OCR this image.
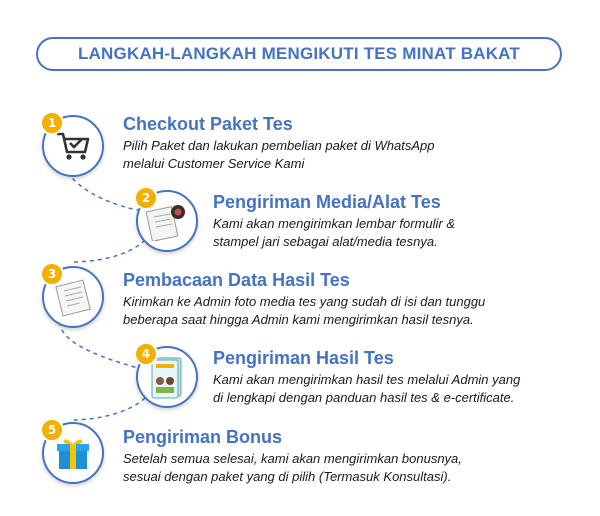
LANGKAH-LANGKAH MENGIKUTI TES MINAT BAKAT
1	Checkout Paket Tes
Pilih Paket dan lakukan pembelian paket di WhatsApp
melalui Customer Service Kami
2	Pengiriman Media/Alat Tes
Kami akan mengirimkan lembar formulir &
stampel jari sebagai alat/media tesnya.
3	Pembacaan Data Hasil Tes
Kirimkan ke Admin foto media tes yang sudah di isi dan tunggu
beberapa saat hingga Admin kami mengirimkan hasil tesnya.
4	Pengiriman Hasil Tes
Kami akan mengirimkan hasil tes melalui Admin yang
di lengkapi dengan panduan hasil tes & e-certificate.
5	Pengiriman Bonus
Setelah semua selesai, kami akan mengirimkan bonusnya,
sesuai dengan paket yang di pilih (Termasuk Konsultasi).
